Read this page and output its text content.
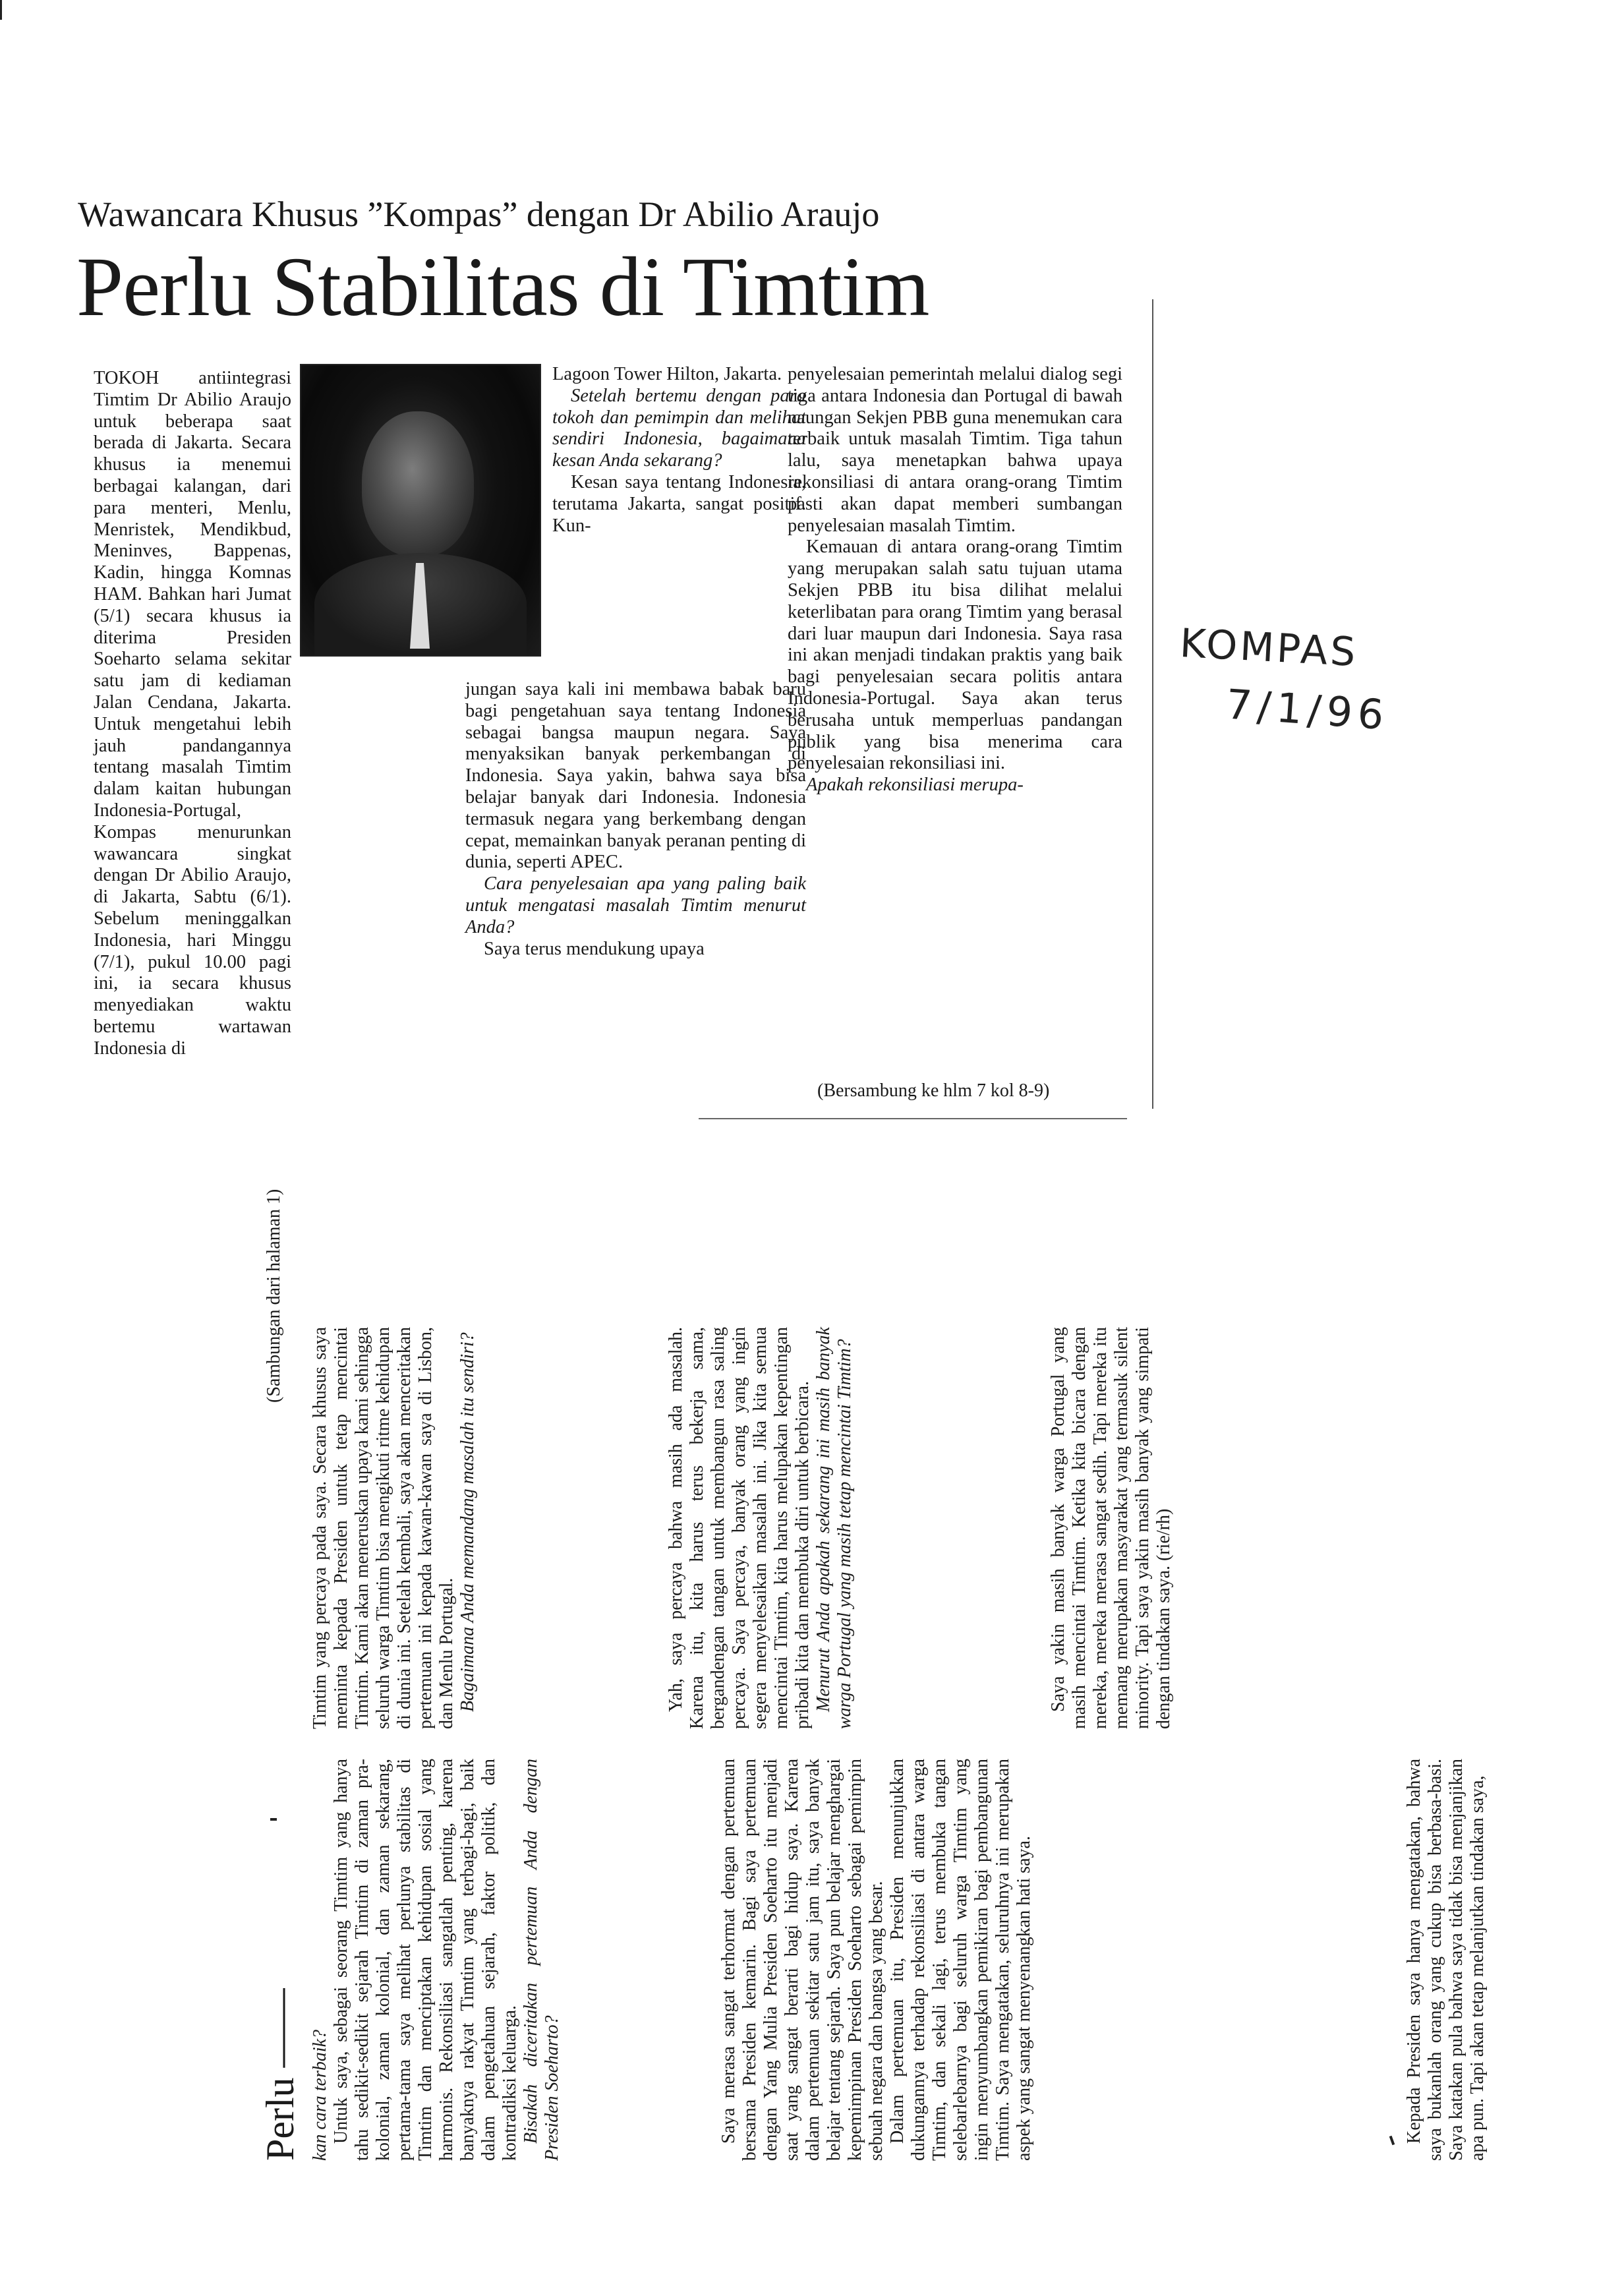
Wawancara Khusus ”Kompas” dengan Dr Abilio Araujo
Perlu Stabilitas di Timtim

TOKOH antiintegrasi Timtim Dr Abilio Araujo untuk beberapa saat berada di Jakarta. Secara khusus ia menemui berbagai kalangan, dari para menteri, Menlu, Menristek, Mendikbud, Meninves, Bappenas, Kadin, hingga Komnas HAM. Bahkan hari Jumat (5/1) secara khusus ia diterima Presiden Soeharto selama sekitar satu jam di kediaman Jalan Cendana, Jakarta. Untuk mengetahui lebih jauh pandangannya tentang masalah Timtim dalam kaitan hubungan Indonesia-Portugal, Kompas menurunkan wawancara singkat dengan Dr Abilio Araujo, di Jakarta, Sabtu (6/1). Sebelum meninggalkan Indonesia, hari Minggu (7/1), pukul 10.00 pagi ini, ia secara khusus menyediakan waktu bertemu wartawan Indonesia di

Lagoon Tower Hilton, Jakarta.

Setelah bertemu dengan para tokoh dan pemimpin dan melihat sendiri Indonesia, bagaimana kesan Anda sekarang?

Kesan saya tentang Indonesia, terutama Jakarta, sangat positif. Kun-

jungan saya kali ini membawa babak baru bagi pengetahuan saya tentang Indonesia sebagai bangsa maupun negara. Saya menyaksikan banyak perkembangan di Indonesia. Saya yakin, bahwa saya bisa belajar banyak dari Indonesia. Indonesia termasuk negara yang berkembang dengan cepat, memainkan banyak peranan penting di dunia, seperti APEC.

Cara penyelesaian apa yang paling baik untuk mengatasi masalah Timtim menurut Anda?

Saya terus mendukung upaya

penyelesaian pemerintah melalui dialog segi tiga antara Indonesia dan Portugal di bawah naungan Sekjen PBB guna menemukan cara terbaik untuk masalah Timtim. Tiga tahun lalu, saya menetapkan bahwa upaya rekonsiliasi di antara orang-orang Timtim pasti akan dapat memberi sumbangan penyelesaian masalah Timtim.

Kemauan di antara orang-orang Timtim yang merupakan salah satu tujuan utama Sekjen PBB itu bisa dilihat melalui keterlibatan para orang Timtim yang berasal dari luar maupun dari Indonesia. Saya rasa ini akan menjadi tindakan praktis yang baik bagi penyelesaian secara politis antara Indonesia-Portugal. Saya akan terus berusaha untuk memperluas pandangan publik yang bisa menerima cara penyelesaian rekonsiliasi ini.

Apakah rekonsiliasi merupa-

(Bersambung ke hlm 7 kol 8-9)
KOMPAS
7/1/96
Perlu ——
(Sambungan dari halaman 1)

kan cara terbaik? Untuk saya, sebagai seorang Timtim yang hanya tahu sedikit-sedikit sejarah Timtim di zaman pra-kolonial, zaman kolonial, dan zaman sekarang, pertama-tama saya melihat perlunya stabilitas di Timtim dan menciptakan kehidupan sosial yang harmonis. Rekonsiliasi sangatlah penting, karena banyaknya rakyat Timtim yang terbagi-bagi, baik dalam pengetahuan sejarah, faktor politik, dan kontradiksi keluarga. Bisakah diceritakan pertemuan Anda dengan Presiden Soeharto?

Timtim yang percaya pada saya. Secara khusus saya meminta kepada Presiden untuk tetap mencintai Timtim. Kami akan meneruskan upaya kami sehingga seluruh warga Timtim bisa mengikuti ritme kehidupan di dunia ini. Setelah kembali, saya akan menceritakan pertemuan ini kepada kawan-kawan saya di Lisbon, dan Menlu Portugal. Bagaimana Anda memandang masalah itu sendiri?

Saya merasa sangat terhormat dengan pertemuan bersama Presiden kemarin. Bagi saya pertemuan dengan Yang Mulia Presiden Soeharto itu menjadi saat yang sangat berarti bagi hidup saya. Karena dalam pertemuan sekitar satu jam itu, saya banyak belajar tentang sejarah. Saya pun belajar menghargai kepemimpinan Presiden Soeharto sebagai pemimpin sebuah negara dan bangsa yang besar. Dalam pertemuan itu, Presiden menunjukkan dukungannya terhadap rekonsiliasi di antara warga Timtim, dan sekali lagi, terus membuka tangan selebarlebarnya bagi seluruh warga Timtim yang ingin menyumbangkan pemikiran bagi pembangunan Timtim. Saya mengatakan, seluruhnya ini merupakan aspek yang sangat menyenangkan hati saya.

Yah, saya percaya bahwa masih ada masalah. Karena itu, kita harus terus bekerja sama, bergandengan tangan untuk membangun rasa saling percaya. Saya percaya, banyak orang yang ingin segera menyelesaikan masalah ini. Jika kita semua mencintai Timtim, kita harus melupakan kepentingan pribadi kita dan membuka diri untuk berbicara. Menurut Anda apakah sekarang ini masih banyak warga Portugal yang masih tetap mencintai Timtim?

Kepada Presiden saya hanya mengatakan, bahwa saya bukanlah orang yang cukup bisa berbasa-basi. Saya katakan pula bahwa saya tidak bisa menjanjikan apa pun. Tapi akan tetap melanjutkan tindakan saya,

Saya yakin masih banyak warga Portugal yang masih mencintai Timtim. Ketika kita bicara dengan mereka, mereka merasa sangat sedih. Tapi mereka itu memang merupakan masyarakat yang termasuk silent minority. Tapi saya yakin masih banyak yang simpati dengan tindakan saya. (rie/rh)
